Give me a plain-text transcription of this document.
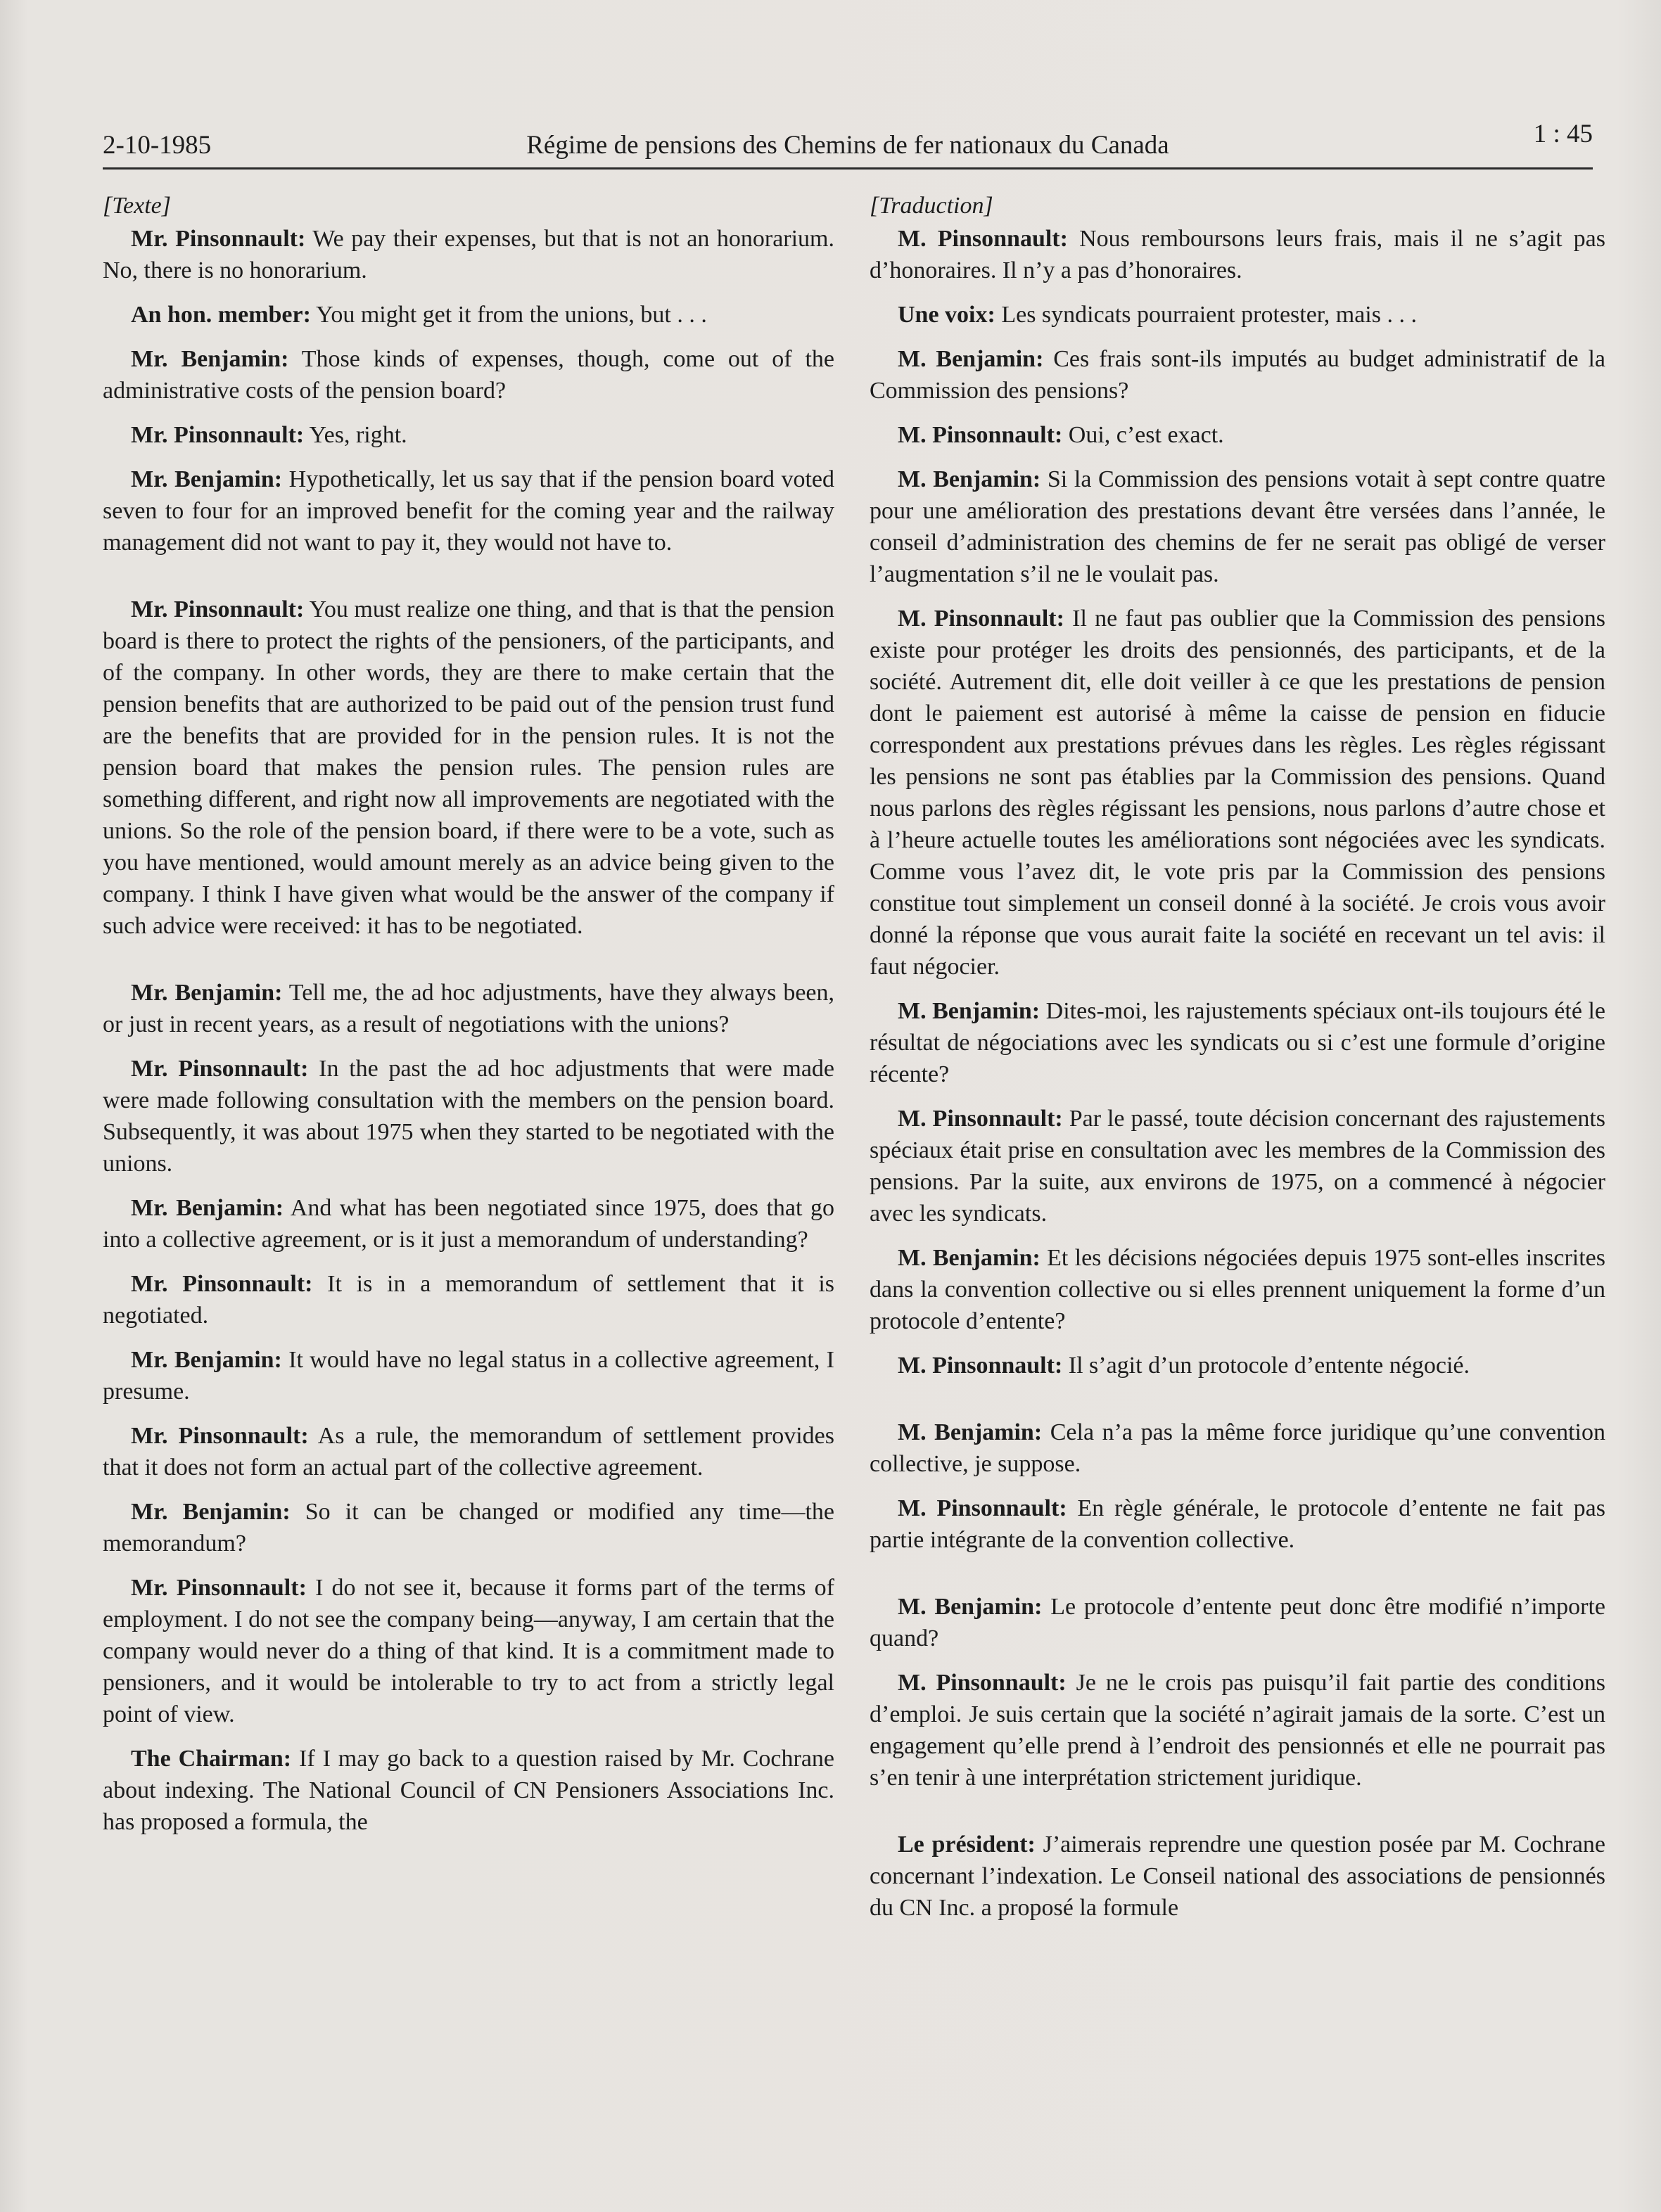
2-10-1985	Régime de pensions des Chemins de fer nationaux du Canada	1 : 45
[Texte]

Mr. Pinsonnault: We pay their expenses, but that is not an honorarium. No, there is no honorarium.

An hon. member: You might get it from the unions, but . . .

Mr. Benjamin: Those kinds of expenses, though, come out of the administrative costs of the pension board?

Mr. Pinsonnault: Yes, right.

Mr. Benjamin: Hypothetically, let us say that if the pension board voted seven to four for an improved benefit for the coming year and the railway management did not want to pay it, they would not have to.

Mr. Pinsonnault: You must realize one thing, and that is that the pension board is there to protect the rights of the pensioners, of the participants, and of the company. In other words, they are there to make certain that the pension benefits that are authorized to be paid out of the pension trust fund are the benefits that are provided for in the pension rules. It is not the pension board that makes the pension rules. The pension rules are something different, and right now all improvements are negotiated with the unions. So the role of the pension board, if there were to be a vote, such as you have mentioned, would amount merely as an advice being given to the company. I think I have given what would be the answer of the company if such advice were received: it has to be negotiated.

Mr. Benjamin: Tell me, the ad hoc adjustments, have they always been, or just in recent years, as a result of negotiations with the unions?

Mr. Pinsonnault: In the past the ad hoc adjustments that were made were made following consultation with the members on the pension board. Subsequently, it was about 1975 when they started to be negotiated with the unions.

Mr. Benjamin: And what has been negotiated since 1975, does that go into a collective agreement, or is it just a memorandum of understanding?

Mr. Pinsonnault: It is in a memorandum of settlement that it is negotiated.

Mr. Benjamin: It would have no legal status in a collective agreement, I presume.

Mr. Pinsonnault: As a rule, the memorandum of settlement provides that it does not form an actual part of the collective agreement.

Mr. Benjamin: So it can be changed or modified any time—the memorandum?

Mr. Pinsonnault: I do not see it, because it forms part of the terms of employment. I do not see the company being—anyway, I am certain that the company would never do a thing of that kind. It is a commitment made to pensioners, and it would be intolerable to try to act from a strictly legal point of view.

The Chairman: If I may go back to a question raised by Mr. Cochrane about indexing. The National Council of CN Pensioners Associations Inc. has proposed a formula, the

[Traduction]

M. Pinsonnault: Nous remboursons leurs frais, mais il ne s’agit pas d’honoraires. Il n’y a pas d’honoraires.

Une voix: Les syndicats pourraient protester, mais . . .

M. Benjamin: Ces frais sont-ils imputés au budget administratif de la Commission des pensions?

M. Pinsonnault: Oui, c’est exact.

M. Benjamin: Si la Commission des pensions votait à sept contre quatre pour une amélioration des prestations devant être versées dans l’année, le conseil d’administration des chemins de fer ne serait pas obligé de verser l’augmentation s’il ne le voulait pas.

M. Pinsonnault: Il ne faut pas oublier que la Commission des pensions existe pour protéger les droits des pensionnés, des participants, et de la société. Autrement dit, elle doit veiller à ce que les prestations de pension dont le paiement est autorisé à même la caisse de pension en fiducie correspondent aux prestations prévues dans les règles. Les règles régissant les pensions ne sont pas établies par la Commission des pensions. Quand nous parlons des règles régissant les pensions, nous parlons d’autre chose et à l’heure actuelle toutes les améliorations sont négociées avec les syndicats. Comme vous l’avez dit, le vote pris par la Commission des pensions constitue tout simplement un conseil donné à la société. Je crois vous avoir donné la réponse que vous aurait faite la société en recevant un tel avis: il faut négocier.

M. Benjamin: Dites-moi, les rajustements spéciaux ont-ils toujours été le résultat de négociations avec les syndicats ou si c’est une formule d’origine récente?

M. Pinsonnault: Par le passé, toute décision concernant des rajustements spéciaux était prise en consultation avec les membres de la Commission des pensions. Par la suite, aux environs de 1975, on a commencé à négocier avec les syndicats.

M. Benjamin: Et les décisions négociées depuis 1975 sont-elles inscrites dans la convention collective ou si elles prennent uniquement la forme d’un protocole d’entente?

M. Pinsonnault: Il s’agit d’un protocole d’entente négocié.

M. Benjamin: Cela n’a pas la même force juridique qu’une convention collective, je suppose.

M. Pinsonnault: En règle générale, le protocole d’entente ne fait pas partie intégrante de la convention collective.

M. Benjamin: Le protocole d’entente peut donc être modifié n’importe quand?

M. Pinsonnault: Je ne le crois pas puisqu’il fait partie des conditions d’emploi. Je suis certain que la société n’agirait jamais de la sorte. C’est un engagement qu’elle prend à l’endroit des pensionnés et elle ne pourrait pas s’en tenir à une interprétation strictement juridique.

Le président: J’aimerais reprendre une question posée par M. Cochrane concernant l’indexation. Le Conseil national des associations de pensionnés du CN Inc. a proposé la formule
